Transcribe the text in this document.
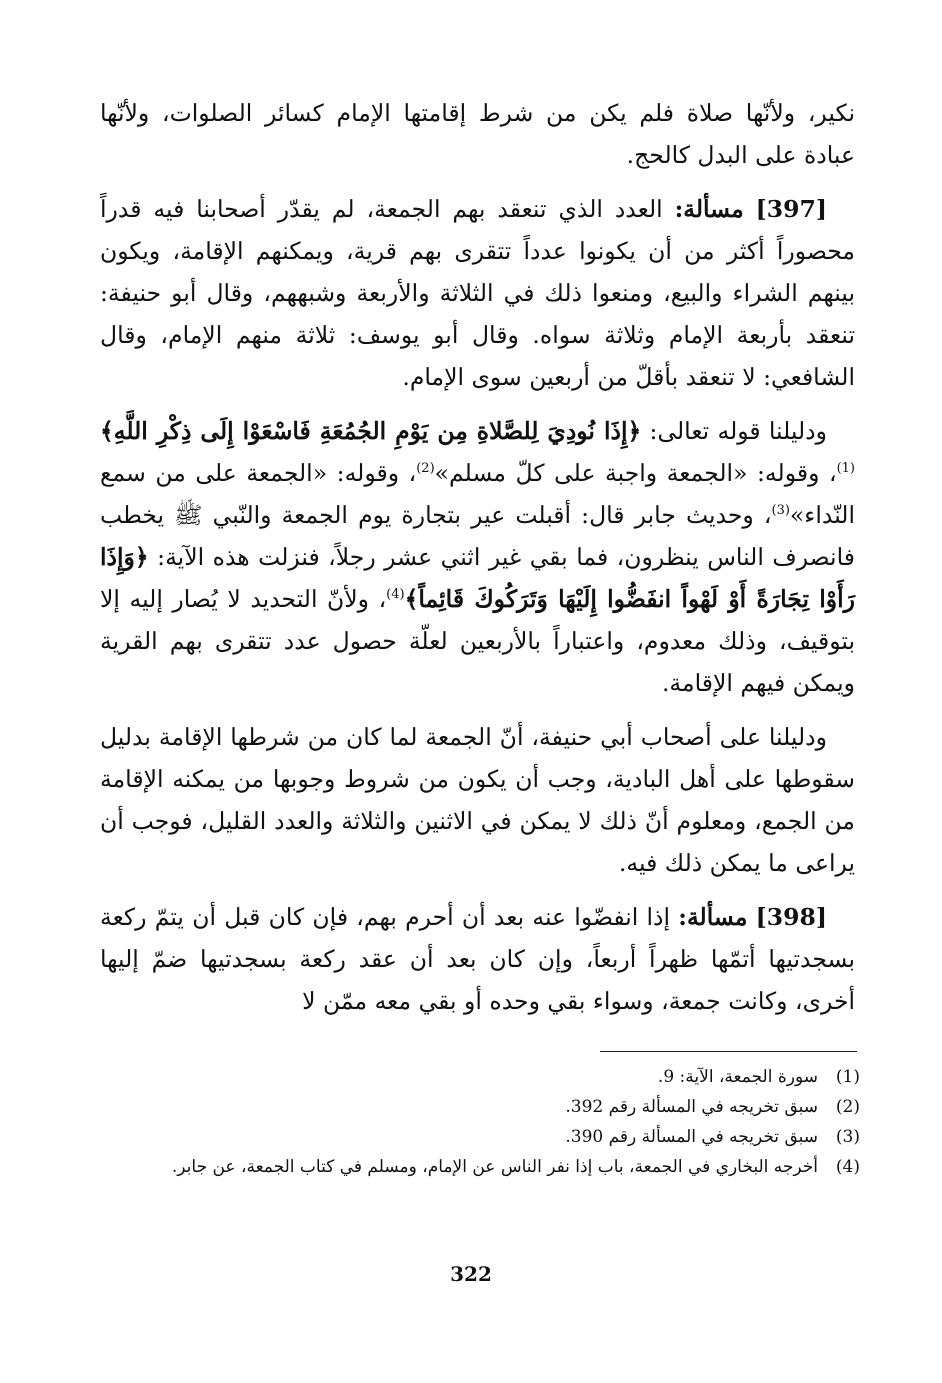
نكير، ولأنّها صلاة فلم يكن من شرط إقامتها الإمام كسائر الصلوات، ولأنّها عبادة على البدل كالحج.

[397] مسألة: العدد الذي تنعقد بهم الجمعة، لم يقدّر أصحابنا فيه قدراً محصوراً أكثر من أن يكونوا عدداً تتقرى بهم قرية، ويمكنهم الإقامة، ويكون بينهم الشراء والبيع، ومنعوا ذلك في الثلاثة والأربعة وشبههم، وقال أبو حنيفة: تنعقد بأربعة الإمام وثلاثة سواه. وقال أبو يوسف: ثلاثة منهم الإمام، وقال الشافعي: لا تنعقد بأقلّ من أربعين سوى الإمام.

ودليلنا قوله تعالى: ﴿إِذَا نُودِيَ لِلصَّلاةِ مِن يَوْمِ الجُمُعَةِ فَاسْعَوْا إِلَى ذِكْرِ اللَّهِ﴾$^{(1)}$، وقوله: «الجمعة واجبة على كلّ مسلم»$^{(2)}$، وقوله: «الجمعة على من سمع النّداء»$^{(3)}$، وحديث جابر قال: أقبلت عير بتجارة يوم الجمعة والنّبي ﷺ يخطب فانصرف الناس ينظرون، فما بقي غير اثني عشر رجلاً، فنزلت هذه الآية: ﴿وَإِذَا رَأَوْا تِجَارَةً أَوْ لَهْواً انفَضُّوا إِلَيْهَا وَتَرَكُوكَ قَائِماً﴾$^{(4)}$، ولأنّ التحديد لا يُصار إليه إلا بتوقيف، وذلك معدوم، واعتباراً بالأربعين لعلّة حصول عدد تتقرى بهم القرية ويمكن فيهم الإقامة.

ودليلنا على أصحاب أبي حنيفة، أنّ الجمعة لما كان من شرطها الإقامة بدليل سقوطها على أهل البادية، وجب أن يكون من شروط وجوبها من يمكنه الإقامة من الجمع، ومعلوم أنّ ذلك لا يمكن في الاثنين والثلاثة والعدد القليل، فوجب أن يراعى ما يمكن ذلك فيه.

[398] مسألة: إذا انفضّوا عنه بعد أن أحرم بهم، فإن كان قبل أن يتمّ ركعة بسجدتيها أتمّها ظهراً أربعاً، وإن كان بعد أن عقد ركعة بسجدتيها ضمّ إليها أخرى، وكانت جمعة، وسواء بقي وحده أو بقي معه ممّن لا

(1)
سورة الجمعة، الآية: 9.
(2)
سبق تخريجه في المسألة رقم 392.
(3)
سبق تخريجه في المسألة رقم 390.
(4)
أخرجه البخاري في الجمعة، باب إذا نفر الناس عن الإمام، ومسلم في كتاب الجمعة، عن جابر.
322
